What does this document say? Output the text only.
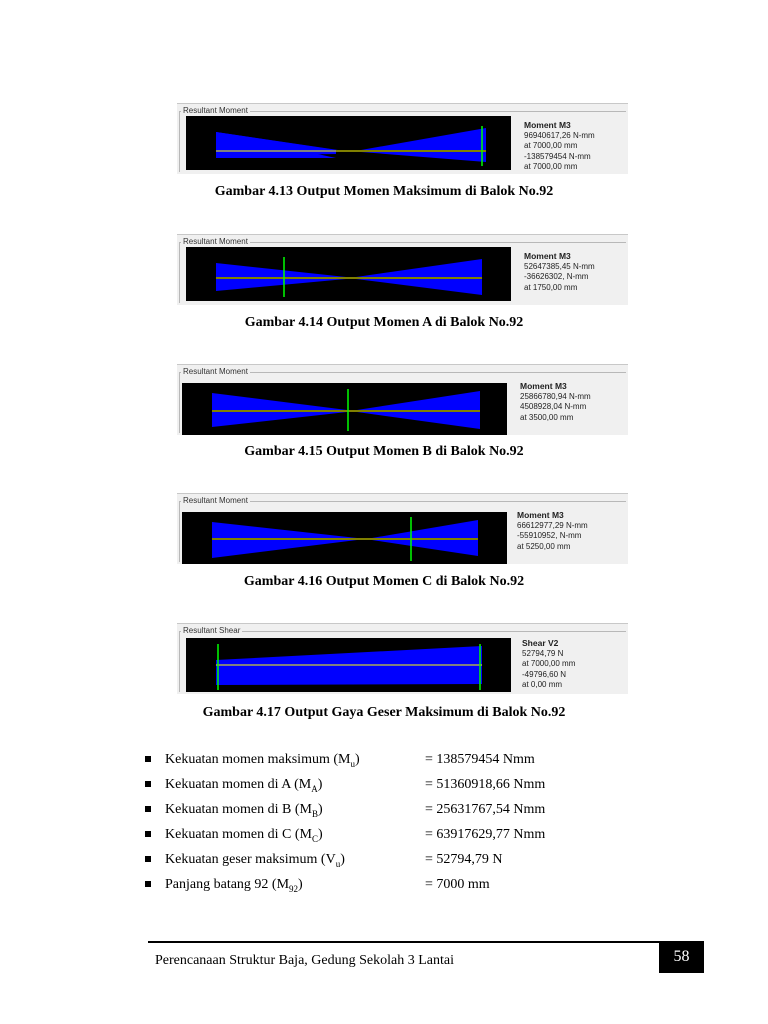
Resultant Moment
Moment M3
96940617,26 N-mm
at 7000,00 mm
-138579454 N-mm
at 7000,00 mm
Gambar 4.13 Output Momen Maksimum di Balok No.92
Resultant Moment
Moment M3
52647385,45 N-mm
-36626302, N-mm
at 1750,00 mm
Gambar 4.14 Output Momen A di Balok No.92
Resultant Moment
Moment M3
25866780,94 N-mm
4508928,04 N-mm
at 3500,00 mm
Gambar 4.15 Output Momen B di Balok No.92
Resultant Moment
Moment M3
66612977,29 N-mm
-55910952, N-mm
at 5250,00 mm
Gambar 4.16 Output Momen C di Balok No.92
Resultant Shear
Shear V2
52794,79 N
at 7000,00 mm
-49796,60 N
at 0,00 mm
Gambar 4.17 Output Gaya Geser Maksimum di Balok No.92
Kekuatan momen maksimum $(M_u)$	= 138579454 Nmm
Kekuatan momen di A $(M_A)$	= 51360918,66 Nmm
Kekuatan momen di B $(M_B)$	= 25631767,54 Nmm
Kekuatan momen di C $(M_C)$	= 63917629,77 Nmm
Kekuatan geser maksimum $(V_u)$	= 52794,79 N
Panjang batang 92 $(M_{92})$	= 7000 mm
Perencanaan Struktur Baja, Gedung Sekolah 3 Lantai	58
